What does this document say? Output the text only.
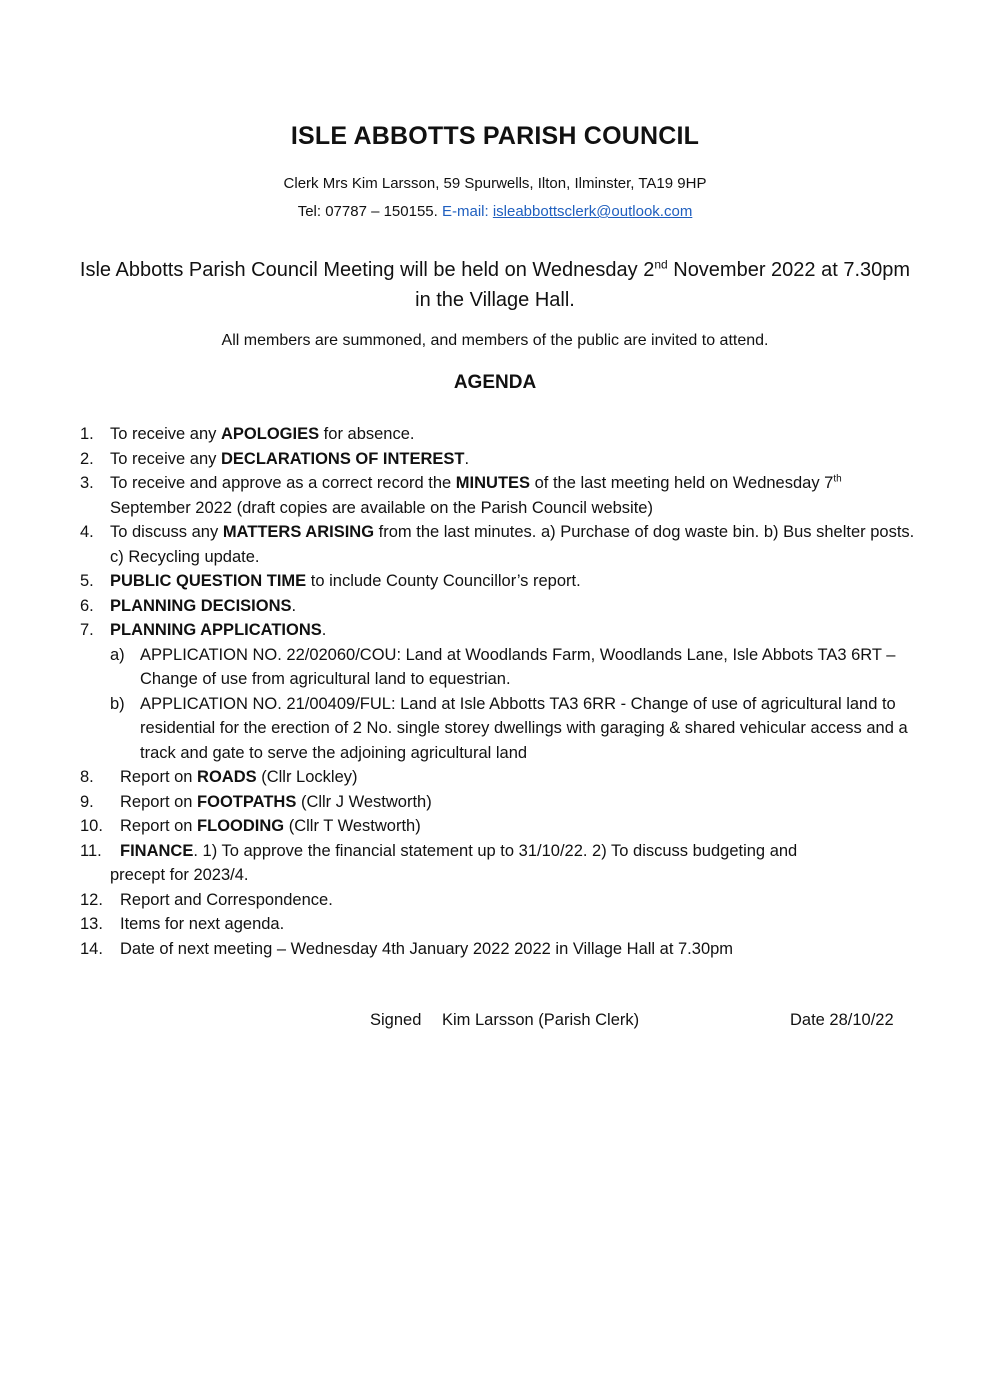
ISLE ABBOTTS PARISH COUNCIL
Clerk Mrs Kim Larsson, 59 Spurwells, Ilton, Ilminster, TA19 9HP
Tel: 07787 – 150155. E-mail: isleabbottsclerk@outlook.com
Isle Abbotts Parish Council Meeting will be held on Wednesday 2nd November 2022 at 7.30pm in the Village Hall.
All members are summoned, and members of the public are invited to attend.
AGENDA
1. To receive any APOLOGIES for absence.
2. To receive any DECLARATIONS OF INTEREST.
3. To receive and approve as a correct record the MINUTES of the last meeting held on Wednesday 7th September 2022 (draft copies are available on the Parish Council website)
4. To discuss any MATTERS ARISING from the last minutes. a) Purchase of dog waste bin. b) Bus shelter posts. c) Recycling update.
5. PUBLIC QUESTION TIME to include County Councillor’s report.
6. PLANNING DECISIONS.
7. PLANNING APPLICATIONS.
a) APPLICATION NO. 22/02060/COU: Land at Woodlands Farm, Woodlands Lane, Isle Abbots TA3 6RT – Change of use from agricultural land to equestrian.
b) APPLICATION NO. 21/00409/FUL: Land at Isle Abbotts TA3 6RR - Change of use of agricultural land to residential for the erection of 2 No. single storey dwellings with garaging & shared vehicular access and a track and gate to serve the adjoining agricultural land
8. Report on ROADS (Cllr Lockley)
9. Report on FOOTPATHS (Cllr J Westworth)
10. Report on FLOODING (Cllr T Westworth)
11. FINANCE. 1) To approve the financial statement up to 31/10/22. 2) To discuss budgeting and
precept for 2023/4.
12. Report and Correspondence.
13. Items for next agenda.
14. Date of next meeting – Wednesday 4th January 2022 2022 in Village Hall at 7.30pm
Signed Kim Larsson (Parish Clerk)	Date 28/10/22
